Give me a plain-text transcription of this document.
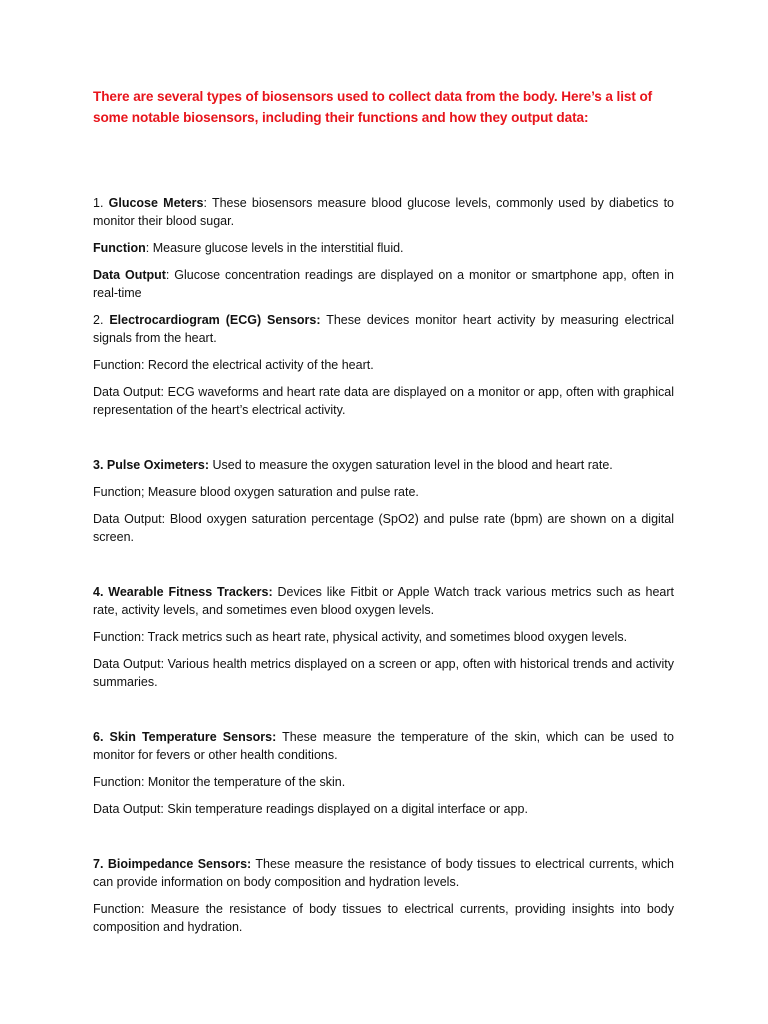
There are several types of biosensors used to collect data from the body. Here’s a list of some notable biosensors, including their functions and how they output data:

1. Glucose Meters: These biosensors measure blood glucose levels, commonly used by diabetics to monitor their blood sugar.

Function: Measure glucose levels in the interstitial fluid.

Data Output: Glucose concentration readings are displayed on a monitor or smartphone app, often in real-time

2. Electrocardiogram (ECG) Sensors: These devices monitor heart activity by measuring electrical signals from the heart.

Function: Record the electrical activity of the heart.

Data Output: ECG waveforms and heart rate data are displayed on a monitor or app, often with graphical representation of the heart’s electrical activity.

3. Pulse Oximeters: Used to measure the oxygen saturation level in the blood and heart rate.

Function; Measure blood oxygen saturation and pulse rate.

Data Output: Blood oxygen saturation percentage (SpO2) and pulse rate (bpm) are shown on a digital screen.

4. Wearable Fitness Trackers: Devices like Fitbit or Apple Watch track various metrics such as heart rate, activity levels, and sometimes even blood oxygen levels.

Function: Track metrics such as heart rate, physical activity, and sometimes blood oxygen levels.

Data Output: Various health metrics displayed on a screen or app, often with historical trends and activity summaries.

6. Skin Temperature Sensors: These measure the temperature of the skin, which can be used to monitor for fevers or other health conditions.

Function: Monitor the temperature of the skin.

Data Output: Skin temperature readings displayed on a digital interface or app.

7. Bioimpedance Sensors: These measure the resistance of body tissues to electrical currents, which can provide information on body composition and hydration levels.

Function: Measure the resistance of body tissues to electrical currents, providing insights into body composition and hydration.
